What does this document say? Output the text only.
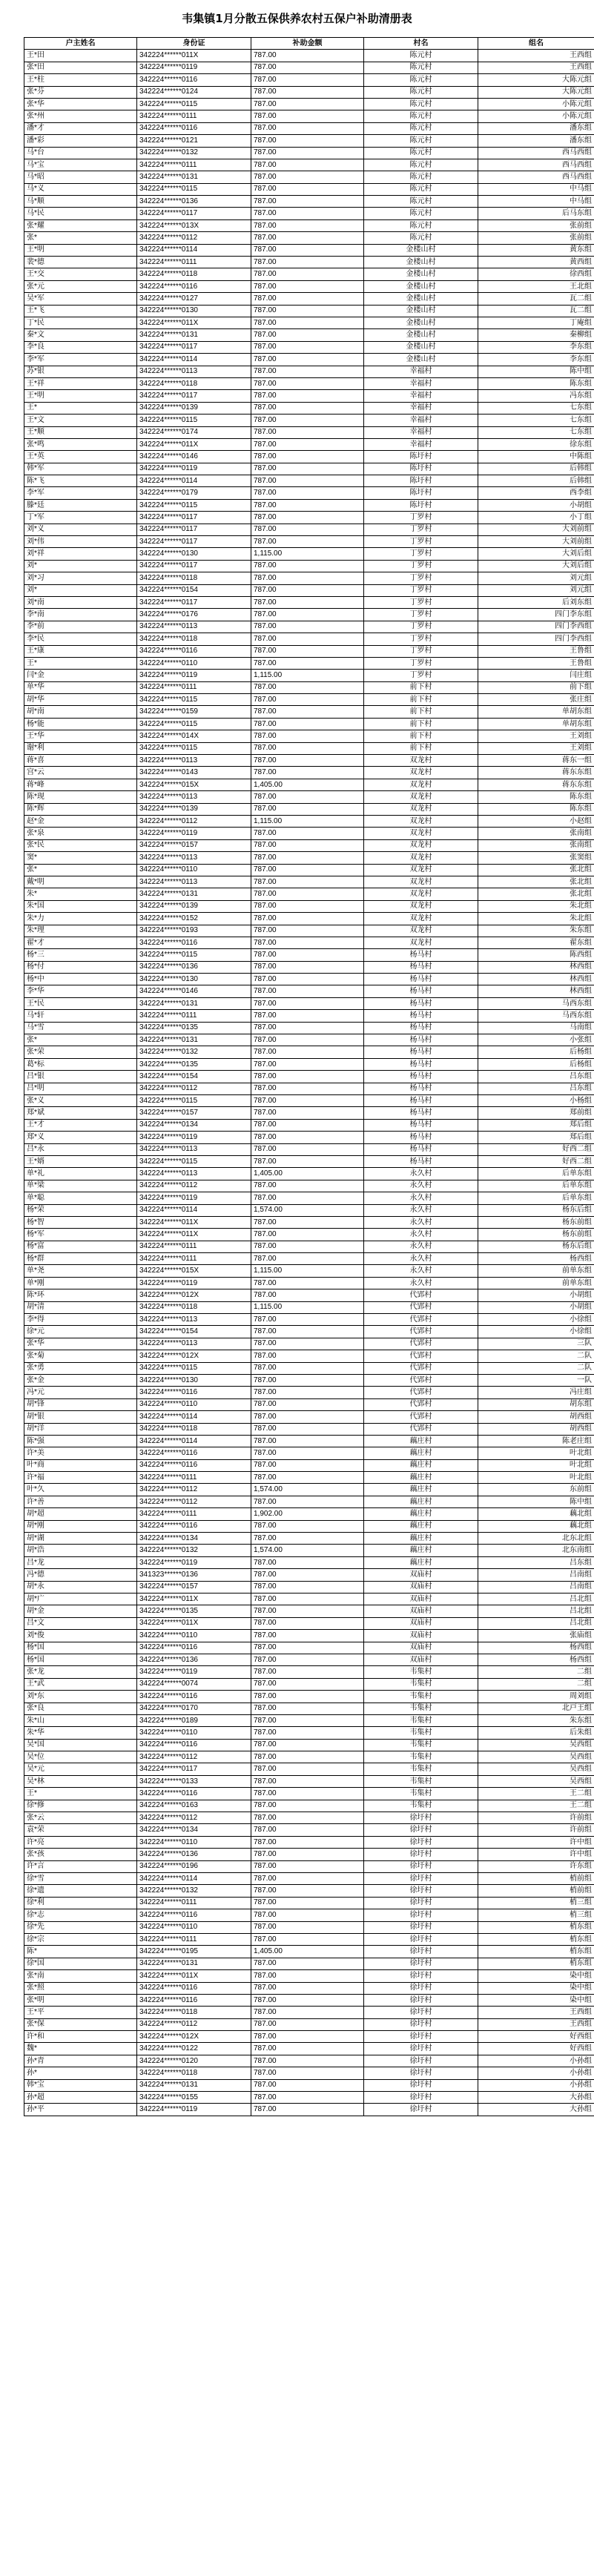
韦集镇1月分散五保供养农村五保户补助清册表
户主姓名	身份证	补助金额	村名	组名
王*田	342224******011X	787.00	陈元村	王西组
张*田	342224******0119	787.00	陈元村	王西组
王*柱	342224******0116	787.00	陈元村	大陈元组
张*芬	342224******0124	787.00	陈元村	大陈元组
张*华	342224******0115	787.00	陈元村	小陈元组
张*州	342224******0111	787.00	陈元村	小陈元组
潘*才	342224******0116	787.00	陈元村	潘东组
潘*彩	342224******0121	787.00	陈元村	潘东组
马*台	342224******0132	787.00	陈元村	西马西组
马*宝	342224******0111	787.00	陈元村	西马西组
马*昭	342224******0131	787.00	陈元村	西马西组
马*义	342224******0115	787.00	陈元村	中马组
马*顺	342224******0136	787.00	陈元村	中马组
马*民	342224******0117	787.00	陈元村	后马东组
张*耀	342224******013X	787.00	陈元村	张前组
张*	342224******0112	787.00	陈元村	张前组
王*明	342224******0114	787.00	金楼山村	黄东组
裴*德	342224******0111	787.00	金楼山村	黄西组
王*交	342224******0118	787.00	金楼山村	徐西组
张*元	342224******0116	787.00	金楼山村	王北组
吴*军	342224******0127	787.00	金楼山村	瓦二组
王*飞	342224******0130	787.00	金楼山村	瓦二组
丁*民	342224******011X	787.00	金楼山村	丁庵组
秦*文	342224******0131	787.00	金楼山村	秦柳组
李*良	342224******0117	787.00	金楼山村	李东组
李*军	342224******0114	787.00	金楼山村	李东组
苏*银	342224******0113	787.00	幸福村	陈中组
王*祥	342224******0118	787.00	幸福村	陈东组
王*明	342224******0117	787.00	幸福村	冯东组
王*	342224******0139	787.00	幸福村	七东组
王*文	342224******0115	787.00	幸福村	七东组
王*顺	342224******0174	787.00	幸福村	七东组
张*鸣	342224******011X	787.00	幸福村	徐东组
王*英	342224******0146	787.00	陈圩村	中陈组
韩*军	342224******0119	787.00	陈圩村	后韩组
陈*飞	342224******0114	787.00	陈圩村	后韩组
李*军	342224******0179	787.00	陈圩村	西李组
滕*廷	342224******0115	787.00	陈圩村	小胡组
丁*军	342224******0117	787.00	丁罗村	小丁组
刘*义	342224******0117	787.00	丁罗村	大刘前组
刘*伟	342224******0117	787.00	丁罗村	大刘前组
刘*祥	342224******0130	1,115.00	丁罗村	大刘后组
刘*	342224******0117	787.00	丁罗村	大刘后组
刘*习	342224******0118	787.00	丁罗村	刘元组
刘*	342224******0154	787.00	丁罗村	刘元组
刘*南	342224******0117	787.00	丁罗村	后刘东组
李*南	342224******0176	787.00	丁罗村	四门李东组
李*前	342224******0113	787.00	丁罗村	四门李西组
李*民	342224******0118	787.00	丁罗村	四门李西组
王*康	342224******0116	787.00	丁罗村	王鲁组
王*	342224******0110	787.00	丁罗村	王鲁组
闫*金	342224******0119	1,115.00	丁罗村	闫庄组
单*华	342224******0111	787.00	前下村	前下组
胡*华	342224******0115	787.00	前下村	张庄组
胡*南	342224******0159	787.00	前下村	单胡东组
杨*能	342224******0115	787.00	前下村	单胡东组
王*华	342224******014X	787.00	前下村	王刘组
谢*利	342224******0115	787.00	前下村	王刘组
蒋*喜	342224******0113	787.00	双龙村	蒋东一组
宫*云	342224******0143	787.00	双龙村	蒋东东组
蒋*峰	342224******015X	1,405.00	双龙村	蒋东东组
陈*现	342224******0113	787.00	双龙村	陈东组
陈*辉	342224******0139	787.00	双龙村	陈东组
赵*金	342224******0112	1,115.00	双龙村	小赵组
张*泉	342224******0119	787.00	双龙村	张南组
张*民	342224******0157	787.00	双龙村	张南组
窦*	342224******0113	787.00	双龙村	张窦组
张*	342224******0110	787.00	双龙村	张北组
戴*明	342224******0113	787.00	双龙村	张北组
朱*	342224******0131	787.00	双龙村	张北组
朱*国	342224******0139	787.00	双龙村	朱北组
朱*力	342224******0152	787.00	双龙村	朱北组
朱*理	342224******0193	787.00	双龙村	朱东组
翟*才	342224******0116	787.00	双龙村	翟东组
杨*三	342224******0115	787.00	杨马村	陈西组
杨*付	342224******0136	787.00	杨马村	林西组
杨*中	342224******0130	787.00	杨马村	林西组
李*华	342224******0146	787.00	杨马村	林西组
王*民	342224******0131	787.00	杨马村	马西东组
马*轩	342224******0111	787.00	杨马村	马西东组
马*雪	342224******0135	787.00	杨马村	马南组
张*	342224******0131	787.00	杨马村	小张组
张*荣	342224******0132	787.00	杨马村	后杨组
葛*标	342224******0135	787.00	杨马村	后杨组
吕*银	342224******0154	787.00	杨马村	吕东组
吕*明	342224******0112	787.00	杨马村	吕东组
张*义	342224******0115	787.00	杨马村	小杨组
郑*斌	342224******0157	787.00	杨马村	郑前组
王*才	342224******0134	787.00	杨马村	郑后组
郑*义	342224******0119	787.00	杨马村	郑后组
吕*永	342224******0113	787.00	杨马村	好西二组
王*婿	342224******0115	787.00	杨马村	好西二组
单*礼	342224******0113	1,405.00	永久村	后单东组
单*梁	342224******0112	787.00	永久村	后单东组
单*聪	342224******0119	787.00	永久村	后单东组
杨*荣	342224******0114	1,574.00	永久村	杨东后组
杨*智	342224******011X	787.00	永久村	杨东前组
杨*军	342224******011X	787.00	永久村	杨东前组
杨*富	342224******0111	787.00	永久村	杨东后组
杨*群	342224******0111	787.00	永久村	杨西组
单*尧	342224******015X	1,115.00	永久村	前单东组
单*刚	342224******0119	787.00	永久村	前单东组
陈*环	342224******012X	787.00	代郢村	小胡组
胡*清	342224******0118	1,115.00	代郢村	小胡组
李*得	342224******0113	787.00	代郢村	小徐组
徐*元	342224******0154	787.00	代郢村	小徐组
张*华	342224******0113	787.00	代郢村	三队
张*菊	342224******012X	787.00	代郢村	二队
张*勇	342224******0115	787.00	代郢村	二队
张*金	342224******0130	787.00	代郢村	一队
冯*元	342224******0116	787.00	代郢村	冯庄组
胡*锋	342224******0110	787.00	代郢村	胡东组
胡*银	342224******0114	787.00	代郢村	胡西组
胡*洋	342224******0118	787.00	代郢村	胡西组
陈*强	342224******0114	787.00	藕庄村	陈老庄组
许*美	342224******0116	787.00	藕庄村	叶北组
叶*商	342224******0116	787.00	藕庄村	叶北组
许*福	342224******0111	787.00	藕庄村	叶北组
叶*久	342224******0112	1,574.00	藕庄村	东前组
许*善	342224******0112	787.00	藕庄村	陈中组
胡*超	342224******0111	1,902.00	藕庄村	藕北组
胡*刚	342224******0116	787.00	藕庄村	藕北组
胡*湖	342224******0134	787.00	藕庄村	北东北组
胡*浩	342224******0132	1,574.00	藕庄村	北东南组
吕*龙	342224******0119	787.00	藕庄村	吕东组
冯*德	341323******0136	787.00	双庙村	吕南组
胡*永	342224******0157	787.00	双庙村	吕南组
胡*广	342224******011X	787.00	双庙村	吕北组
胡*金	342224******0135	787.00	双庙村	吕北组
吕*文	342224******011X	787.00	双庙村	吕北组
刘*俊	342224******0110	787.00	双庙村	张庙组
杨*国	342224******0116	787.00	双庙村	杨西组
杨*国	342224******0136	787.00	双庙村	杨西组
张*龙	342224******0119	787.00	韦集村	二组
王*武	342224******0074	787.00	韦集村	二组
刘*东	342224******0116	787.00	韦集村	周刘组
张*良	342224******0170	787.00	韦集村	北戸王组
朱*山	342224******0189	787.00	韦集村	朱东组
朱*华	342224******0110	787.00	韦集村	后朱组
吴*国	342224******0116	787.00	韦集村	吴西组
吴*位	342224******0112	787.00	韦集村	吴西组
吴*元	342224******0117	787.00	韦集村	吴西组
吴*林	342224******0133	787.00	韦集村	吴西组
王*	342224******0116	787.00	韦集村	王二组
徐*修	342224******0163	787.00	韦集村	王二组
张*云	342224******0112	787.00	徐圩村	许前组
袁*荣	342224******0134	787.00	徐圩村	许前组
许*亮	342224******0110	787.00	徐圩村	许中组
张*孩	342224******0136	787.00	徐圩村	许中组
许*言	342224******0196	787.00	徐圩村	许东组
徐*雪	342224******0114	787.00	徐圩村	梢前组
徐*遗	342224******0132	787.00	徐圩村	梢前组
徐*利	342224******0111	787.00	徐圩村	梢三组
徐*志	342224******0116	787.00	徐圩村	梢三组
徐*先	342224******0110	787.00	徐圩村	梢东组
徐*宗	342224******0111	787.00	徐圩村	梢东组
陈*	342224******0195	1,405.00	徐圩村	梢东组
徐*国	342224******0131	787.00	徐圩村	梢东组
张*南	342224******011X	787.00	徐圩村	染中组
张*照	342224******0116	787.00	徐圩村	染中组
张*明	342224******0116	787.00	徐圩村	染中组
王*平	342224******0118	787.00	徐圩村	王西组
张*保	342224******0112	787.00	徐圩村	王西组
许*和	342224******012X	787.00	徐圩村	好西组
魏*	342224******0122	787.00	徐圩村	好西组
孙*青	342224******0120	787.00	徐圩村	小孙组
孙*	342224******0118	787.00	徐圩村	小孙组
韩*宝	342224******0131	787.00	徐圩村	小孙组
孙*超	342224******0155	787.00	徐圩村	大孙组
孙*平	342224******0119	787.00	徐圩村	大孙组
